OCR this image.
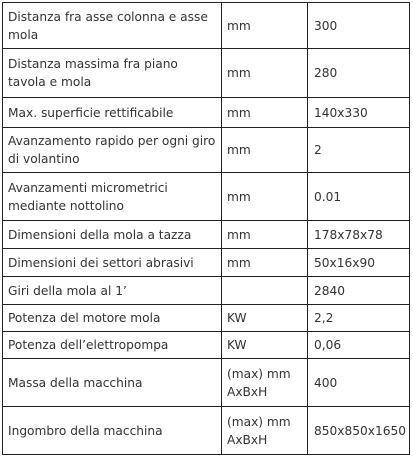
Distanza fra asse colonna e asse mola	mm	300
Distanza massima fra piano tavola e mola	mm	280
Max. superficie rettificabile	mm	140x330
Avanzamento rapido per ogni giro di volantino	mm	2
Avanzamenti micrometrici mediante nottolino	mm	0.01
Dimensioni della mola a tazza	mm	178x78x78
Dimensioni dei settori abrasivi	mm	50x16x90
Giri della mola al 1’		2840
Potenza del motore mola	KW	2,2
Potenza dell’elettropompa	KW	0,06
Massa della macchina	(max) mm AxBxH	400
Ingombro della macchina	(max) mm AxBxH	850x850x1650
